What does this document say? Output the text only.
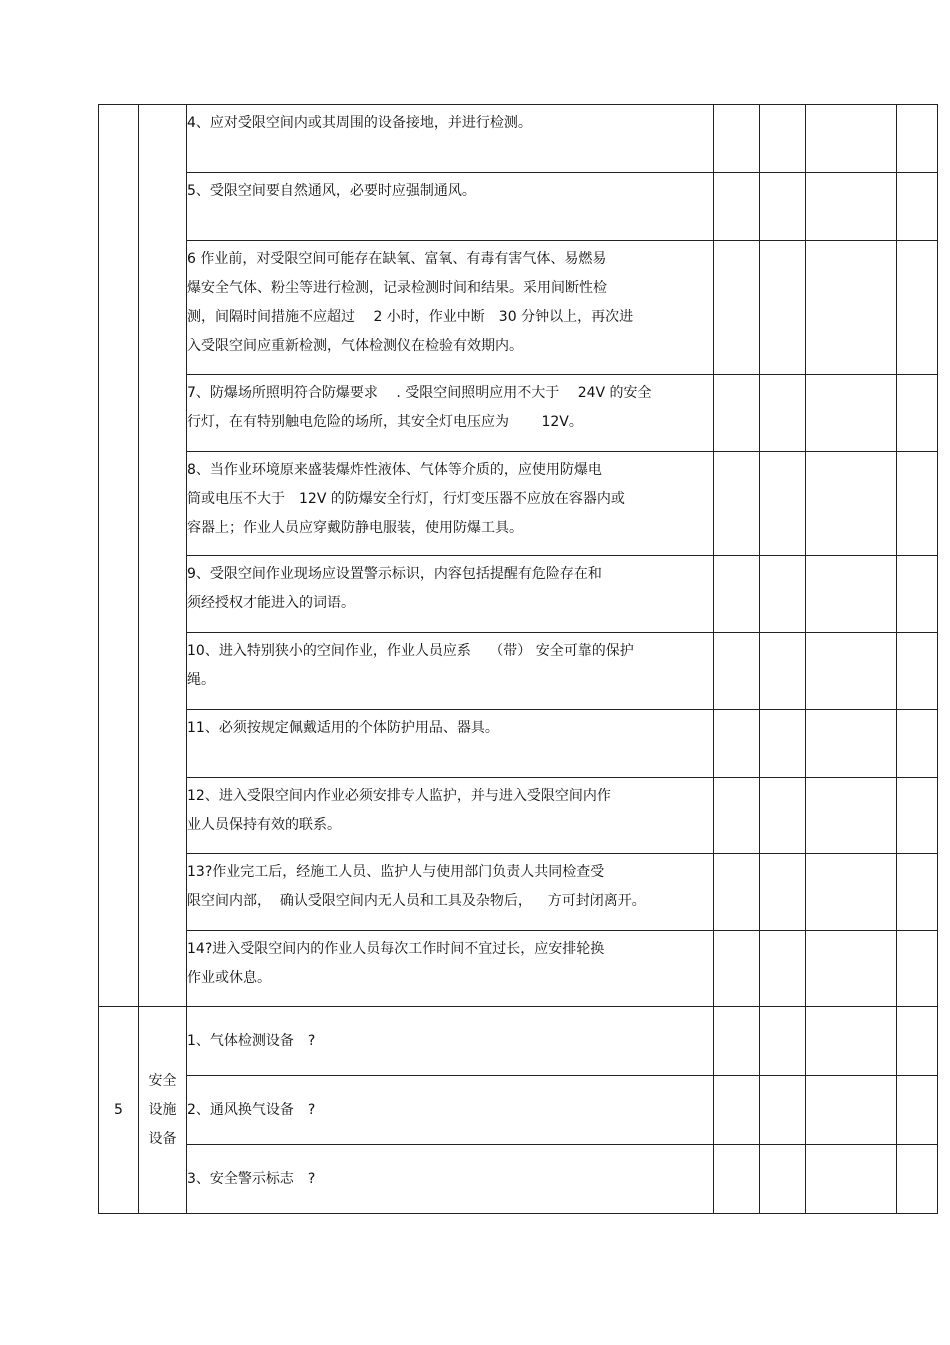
		4、应对受限空间内或其周围的设备接地，并进行检测。				

		5、受限空间要自然通风，必要时应强制通风。				

		6 作业前，对受限空间可能存在缺氧、富氧、有毒有害气体、易燃易
爆安全气体、粉尘等进行检测，记录检测时间和结果。采用间断性检
测，间隔时间措施不应超过　 2 小时，作业中断　30 分钟以上，再次进
入受限空间应重新检测，气体检测仪在检验有效期内。				

		7、防爆场所照明符合防爆要求　 . 受限空间照明应用不大于　 24V 的安全
行灯，在有特别触电危险的场所，其安全灯电压应为　　 12V。				

		8、当作业环境原来盛装爆炸性液体、气体等介质的，应使用防爆电
筒或电压不大于　12V 的防爆安全行灯，行灯变压器不应放在容器内或
容器上；作业人员应穿戴防静电服装，使用防爆工具。				

		9、受限空间作业现场应设置警示标识，内容包括提醒有危险存在和
须经授权才能进入的词语。				

		10、进入特别狭小的空间作业，作业人员应系　 （带） 安全可靠的保护
绳。				

		11、必须按规定佩戴适用的个体防护用品、器具。				

		12、进入受限空间内作业必须安排专人监护，并与进入受限空间内作
业人员保持有效的联系。				

		13?作业完工后，经施工人员、监护人与使用部门负责人共同检查受
限空间内部，  确认受限空间内无人员和工具及杂物后，　  方可封闭离开。				

		14?进入受限空间内的作业人员每次工作时间不宜过长，应安排轮换
作业或休息。				

5	安全
设施
设备	1、气体检测设备　?				

		2、通风换气设备　?				

		3、安全警示标志　?				
